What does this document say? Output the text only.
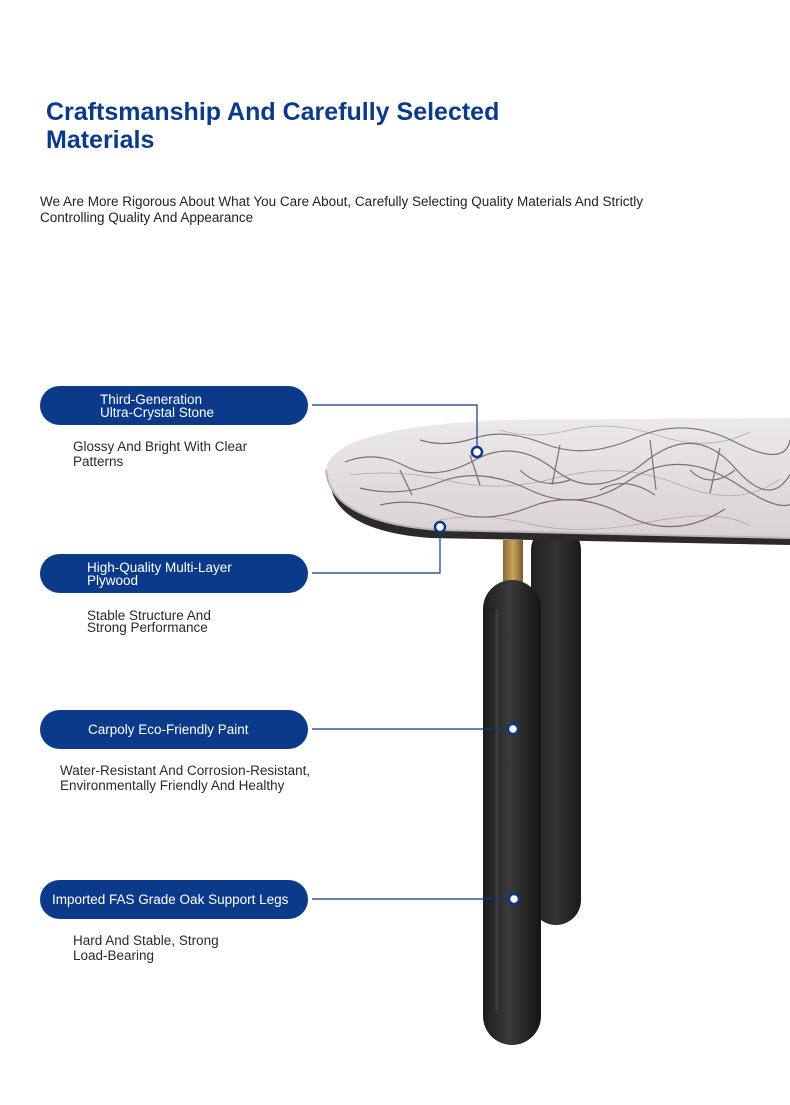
Craftsmanship And Carefully Selected
Materials
We Are More Rigorous About What You Care About, Carefully Selecting Quality Materials And Strictly
Controlling Quality And Appearance
Third-Generation
Ultra-Crystal Stone
Glossy And Bright With Clear
Patterns
High-Quality Multi-Layer
Plywood
Stable Structure And
Strong Performance
Carpoly Eco-Friendly Paint
Water-Resistant And Corrosion-Resistant,
Environmentally Friendly And Healthy
Imported FAS Grade Oak Support Legs
Hard And Stable, Strong
Load-Bearing
